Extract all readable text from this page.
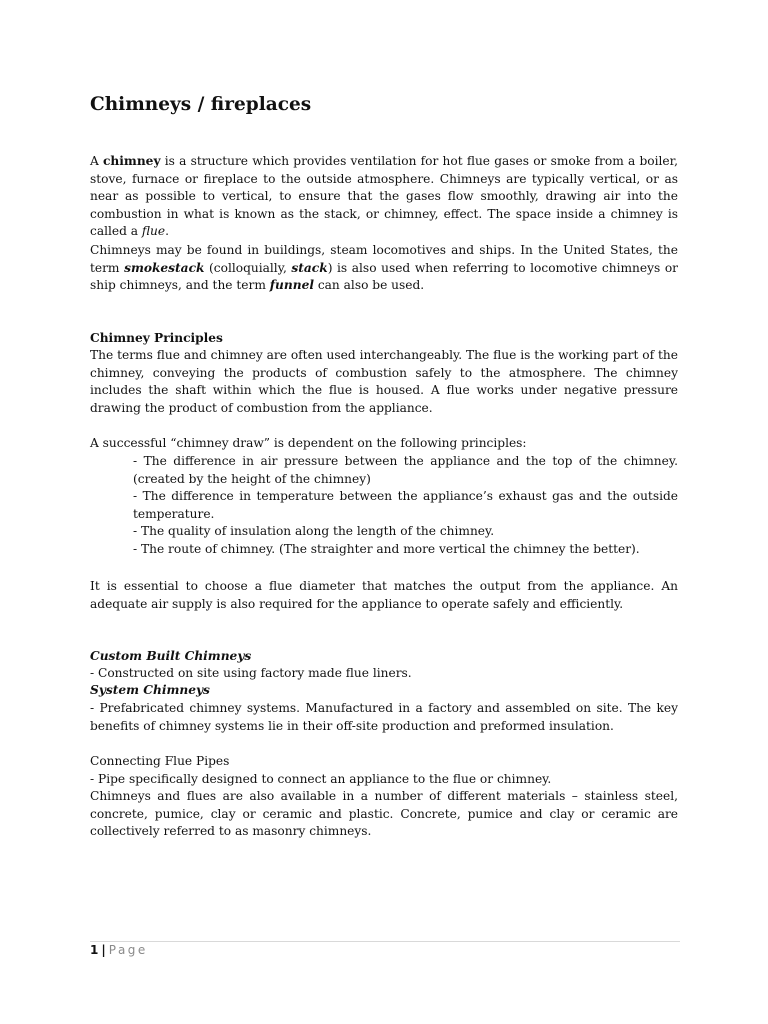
Chimneys / fireplaces

A chimney is a structure which provides ventilation for hot flue gases or smoke from a boiler, stove, furnace or fireplace to the outside atmosphere. Chimneys are typically vertical, or as near as possible to vertical, to ensure that the gases flow smoothly, drawing air into the combustion in what is known as the stack, or chimney, effect. The space inside a chimney is called a flue.

Chimneys may be found in buildings, steam locomotives and ships. In the United States, the term smokestack (colloquially, stack) is also used when referring to locomotive chimneys or ship chimneys, and the term funnel can also be used.

Chimney Principles

The terms flue and chimney are often used interchangeably. The flue is the working part of the chimney, conveying the products of combustion safely to the atmosphere. The chimney includes the shaft within which the flue is housed. A flue works under negative pressure drawing the product of combustion from the appliance.

A successful “chimney draw” is dependent on the following principles:

- The difference in air pressure between the appliance and the top of the chimney. (created by the height of the chimney)
- The difference in temperature between the appliance’s exhaust gas and the outside temperature.
- The quality of insulation along the length of the chimney.
- The route of chimney. (The straighter and more vertical the chimney the better).

It is essential to choose a flue diameter that matches the output from the appliance. An adequate air supply is also required for the appliance to operate safely and efficiently.

Custom Built Chimneys

- Constructed on site using factory made flue liners.

System Chimneys

- Prefabricated chimney systems. Manufactured in a factory and assembled on site. The key benefits of chimney systems lie in their off-site production and preformed insulation.

Connecting Flue Pipes

- Pipe specifically designed to connect an appliance to the flue or chimney.

Chimneys and flues are also available in a number of different materials – stainless steel, concrete, pumice, clay or ceramic and plastic. Concrete, pumice and clay or ceramic are collectively referred to as masonry chimneys.

1 | Page
